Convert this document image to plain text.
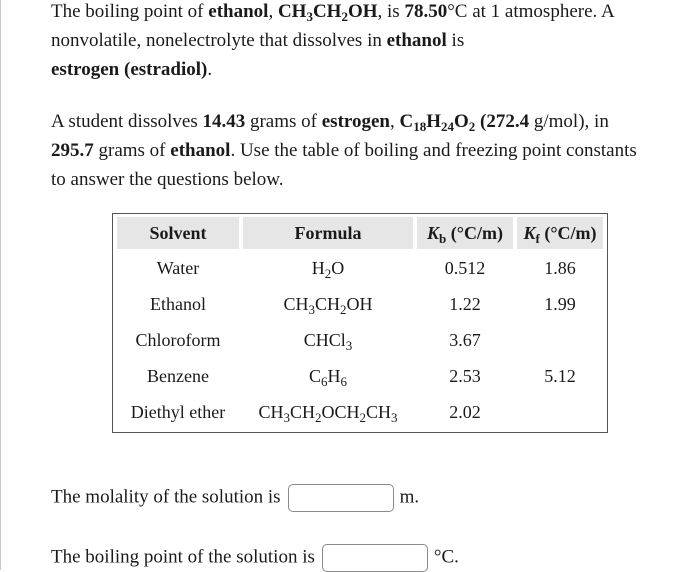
The boiling point of ethanol, $CH_3CH_2OH$, is 78.50°C at 1 atmosphere. A nonvolatile, nonelectrolyte that dissolves in ethanol is
estrogen (estradiol).

A student dissolves 14.43 grams of estrogen, $C_{18}H_{24}O_2$ (272.4 g/mol), in 295.7 grams of ethanol. Use the table of boiling and freezing point constants to answer the questions below.

Solvent	Formula	$K_b$ (°C/m)	$K_f$ (°C/m)
Water	$H_2O$	0.512	1.86
Ethanol	$CH_3CH_2OH$	1.22	1.99
Chloroform	CHCl$_3$	3.67	
Benzene	$C_6H_6$	2.53	5.12
Diethyl ether	$CH_3CH_2OCH_2CH_3$	2.02	
The molality of the solution is	m.
The boiling point of the solution is	°C.
